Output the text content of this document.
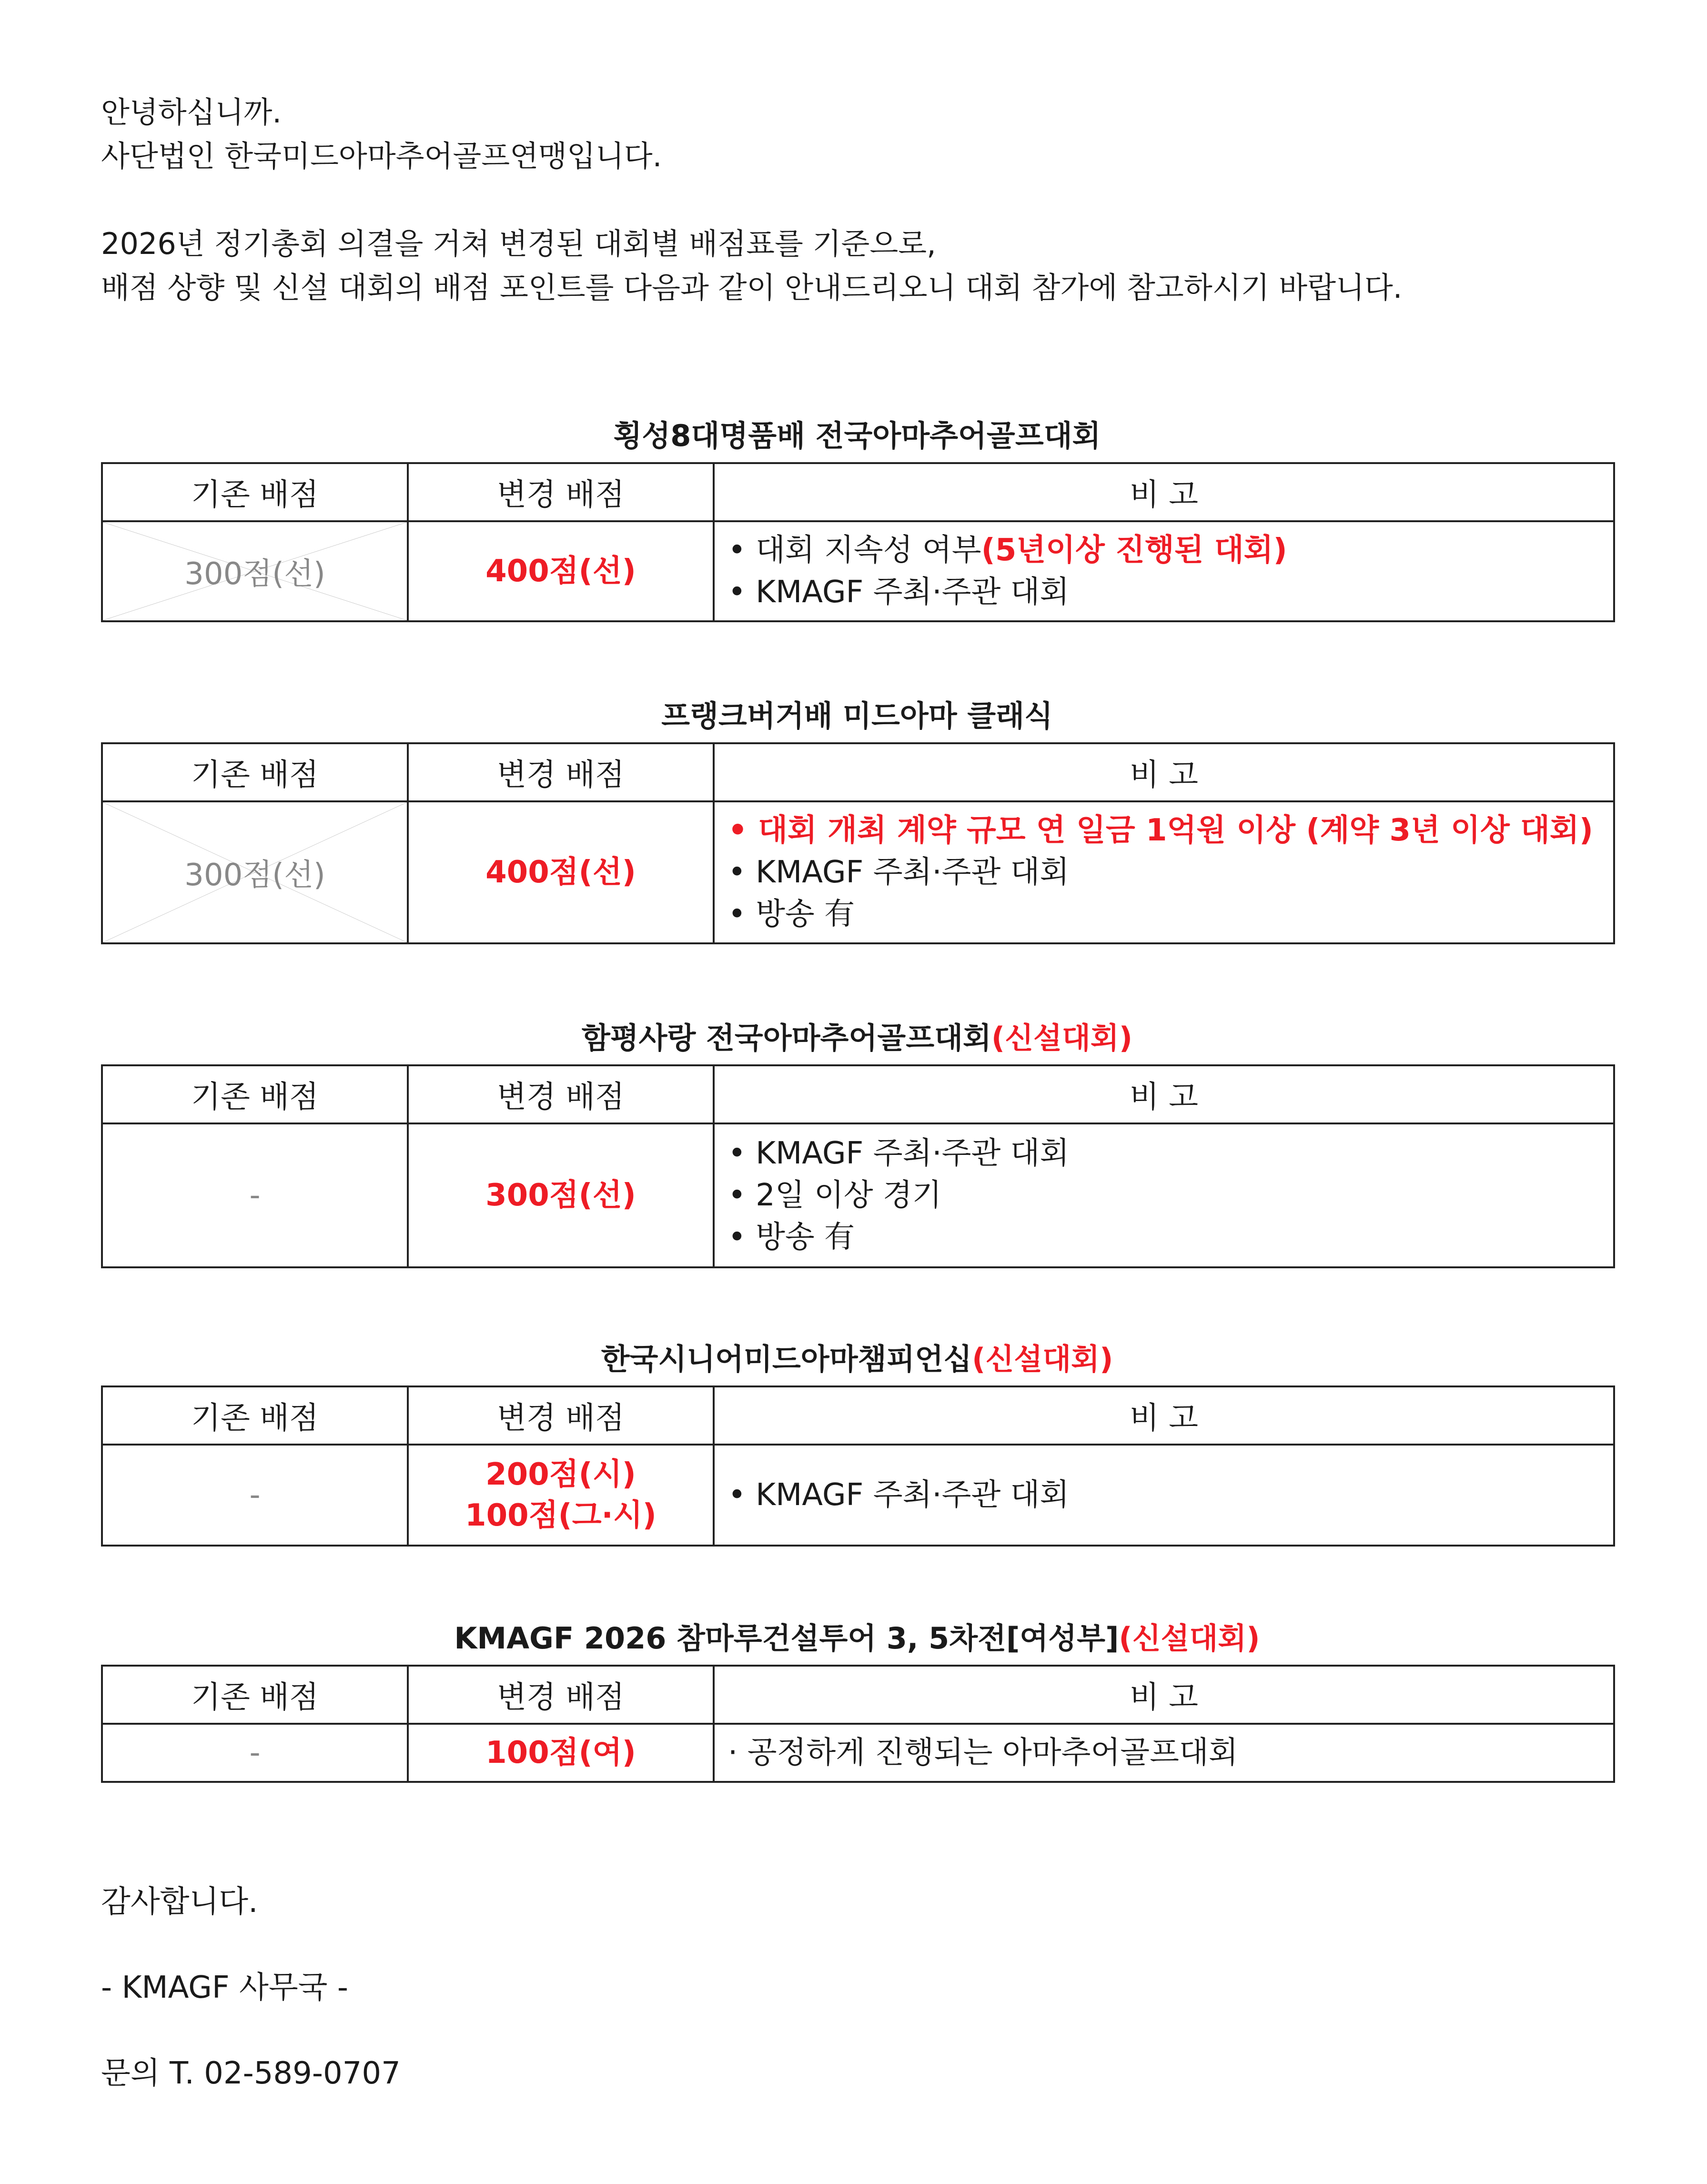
안녕하십니까.

사단법인 한국미드아마추어골프연맹입니다.

2026년 정기총회 의결을 거쳐 변경된 대회별 배점표를 기준으로,

배점 상향 및 신설 대회의 배점 포인트를 다음과 같이 안내드리오니 대회 참가에 참고하시기 바랍니다.

횡성8대명품배 전국아마추어골프대회
기존 배점	변경 배점	비 고

300점(선)	400점(선)	• 대회 지속성 여부(5년이상 진행된 대회)
• KMAGF 주최·주관 대회
프랭크버거배 미드아마 클래식
기존 배점	변경 배점	비 고

300점(선)	400점(선)	• 대회 개최 계약 규모 연 일금 1억원 이상 (계약 3년 이상 대회)
• KMAGF 주최·주관 대회
• 방송 有
함평사랑 전국아마추어골프대회(신설대회)
기존 배점	변경 배점	비 고
-	300점(선)	• KMAGF 주최·주관 대회
• 2일 이상 경기
• 방송 有
한국시니어미드아마챔피언십(신설대회)
기존 배점	변경 배점	비 고
-	200점(시)
100점(그·시)	• KMAGF 주최·주관 대회
KMAGF 2026 참마루건설투어 3, 5차전[여성부](신설대회)
기존 배점	변경 배점	비 고
-	100점(여)	· 공정하게 진행되는 아마추어골프대회
감사합니다.
- KMAGF 사무국 -
문의 T. 02-589-0707
